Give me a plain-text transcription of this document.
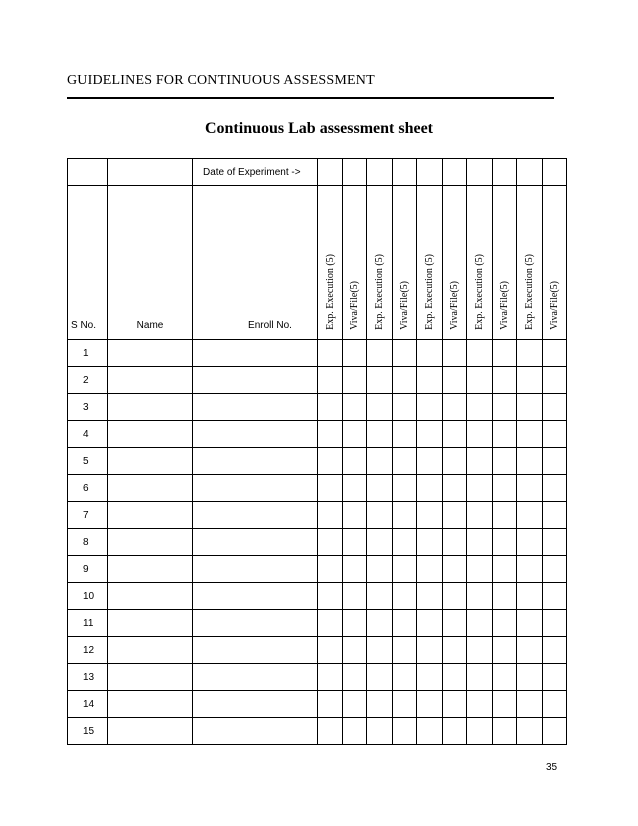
GUIDELINES FOR CONTINUOUS ASSESSMENT
Continuous Lab assessment sheet
		Date of Experiment ->										
S No.	Name	Enroll No.	Exp. Execution (5)	Viva/File(5)	Exp. Execution (5)	Viva/File(5)	Exp. Execution (5)	Viva/File(5)	Exp. Execution (5)	Viva/File(5)	Exp. Execution (5)	Viva/File(5)
1												
2												
3												
4												
5												
6												
7												
8												
9												
10												
11												
12												
13												
14												
15												
35
